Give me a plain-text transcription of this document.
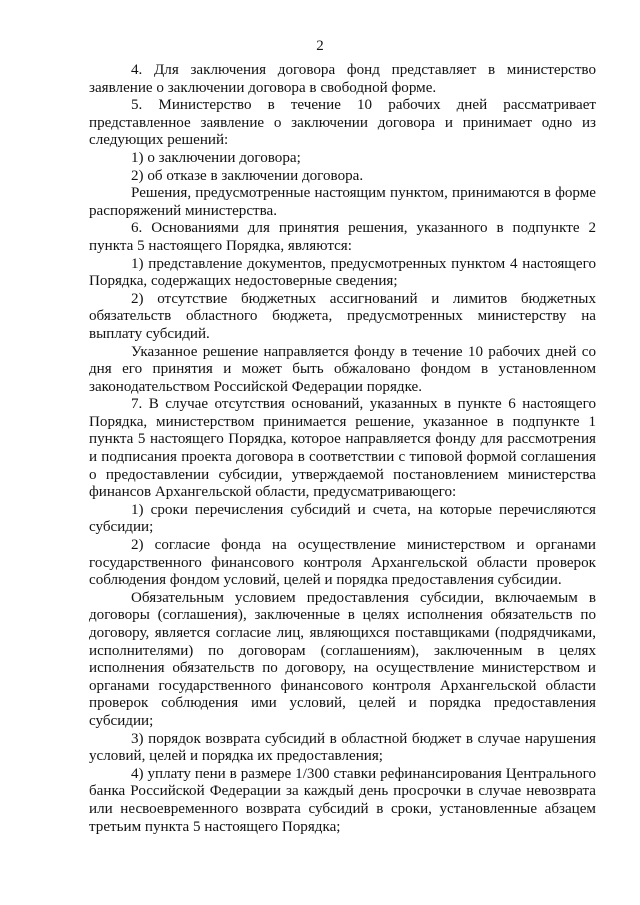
2

4. Для заключения договора фонд представляет в министерство заявление о заключении договора в свободной форме.

5. Министерство в течение 10 рабочих дней рассматривает представленное заявление о заключении договора и принимает одно из следующих решений:

1) о заключении договора;

2) об отказе в заключении договора.

Решения, предусмотренные настоящим пунктом, принимаются в форме распоряжений министерства.

6. Основаниями для принятия решения, указанного в подпункте 2 пункта 5 настоящего Порядка, являются:

1) представление документов, предусмотренных пунктом 4 настоящего Порядка, содержащих недостоверные сведения;

2) отсутствие бюджетных ассигнований и лимитов бюджетных обязательств областного бюджета, предусмотренных министерству на выплату субсидий.

Указанное решение направляется фонду в течение 10 рабочих дней со дня его принятия и может быть обжаловано фондом в установленном законодательством Российской Федерации порядке.

7. В случае отсутствия оснований, указанных в пункте 6 настоящего Порядка, министерством принимается решение, указанное в подпункте 1 пункта 5 настоящего Порядка, которое направляется фонду для рассмотрения и подписания проекта договора в соответствии с типовой формой соглашения о предоставлении субсидии, утверждаемой постановлением министерства финансов Архангельской области, предусматривающего:

1) сроки перечисления субсидий и счета, на которые перечисляются субсидии;

2) согласие фонда на осуществление министерством и органами государственного финансового контроля Архангельской области проверок соблюдения фондом условий, целей и порядка предоставления субсидии.

Обязательным условием предоставления субсидии, включаемым в договоры (соглашения), заключенные в целях исполнения обязательств по договору, является согласие лиц, являющихся поставщиками (подрядчиками, исполнителями) по договорам (соглашениям), заключенным в целях исполнения обязательств по договору, на осуществление министерством и органами государственного финансового контроля Архангельской области проверок соблюдения ими условий, целей и порядка предоставления субсидии;

3) порядок возврата субсидий в областной бюджет в случае нарушения условий, целей и порядка их предоставления;

4) уплату пени в размере 1/300 ставки рефинансирования Центрального банка Российской Федерации за каждый день просрочки в случае невозврата или несвоевременного возврата субсидий в сроки, установленные абзацем третьим пункта 5 настоящего Порядка;
